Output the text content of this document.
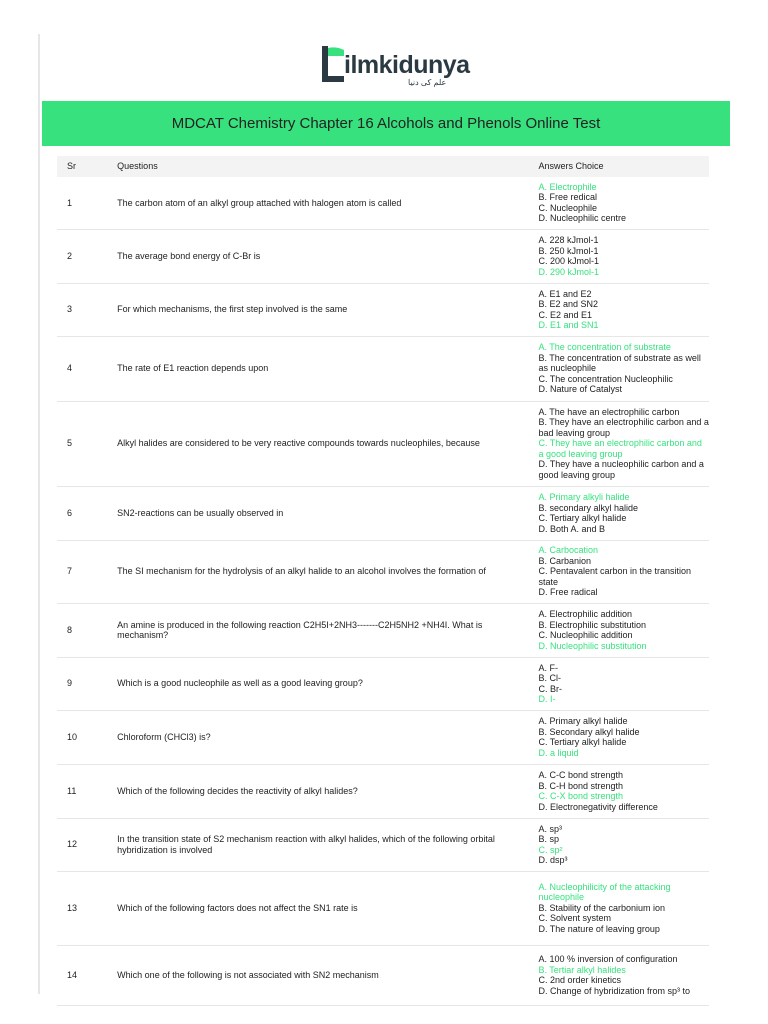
ilmkidunya
علم کی دنیا
MDCAT Chemistry Chapter 16 Alcohols and Phenols Online Test
Sr	Questions	Answers Choice
1	The carbon atom of an alkyl group attached with halogen atom is called	A. Electrophile
B. Free redical
C. Nucleophile
D. Nucleophilic centre

2	The average bond energy of C-Br is	A. 228 kJmol-1
B. 250 kJmol-1
C. 200 kJmol-1
D. 290 kJmol-1

3	For which mechanisms, the first step involved is the same	A. E1 and E2
B. E2 and SN2
C. E2 and E1
D. E1 and SN1

4	The rate of E1 reaction depends upon	A. The concentration of substrate
B. The concentration of substrate as well as nucleophile
C. The concentration Nucleophilic
D. Nature of Catalyst

5	Alkyl halides are considered to be very reactive compounds towards nucleophiles, because	A. The have an electrophilic carbon
B. They have an electrophilic carbon and a bad leaving group
C. They have an electrophilic carbon and a good leaving group
D. They have a nucleophilic carbon and a good leaving group

6	SN2-reactions can be usually observed in	A. Primary alkyli halide
B. secondary alkyl halide
C. Tertiary alkyl halide
D. Both A. and B

7	The SI mechanism for the hydrolysis of an alkyl halide to an alcohol involves the formation of	A. Carbocation
B. Carbanion
C. Pentavalent carbon in the transition state
D. Free radical

8	An amine is produced in the following reaction C2H5I+2NH3-------C2H5NH2 +NH4I. What is mechanism?	A. Electrophilic addition
B. Electrophilic substitution
C. Nucleophilic addition
D. Nucleophilic substitution

9	Which is a good nucleophile as well as a good leaving group?	A. F-
B. Cl-
C. Br-
D. I-

10	Chloroform (CHCl3) is?	A. Primary alkyl halide
B. Secondary alkyl halide
C. Tertiary alkyl halide
D. a liquid

11	Which of the following decides the reactivity of alkyl halides?	A. C-C bond strength
B. C-H bond strength
C. C-X bond strength
D. Electronegativity difference

12	In the transition state of S2 mechanism reaction with alkyl halides, which of the following orbital hybridization is involved	A. sp³
B. sp
C. sp²
D. dsp³

13	Which of the following factors does not affect the SN1 rate is	A. Nucleophilicity of the attacking
nucleophile
B. Stability of the carbonium ion
C. Solvent system
D. The nature of leaving group

14	Which one of the following is not associated with SN2 mechanism	A. 100 % inversion of configuration
B. Tertiar alkyl halides
C. 2nd order kinetics
D. Change of hybridization from sp³ to
